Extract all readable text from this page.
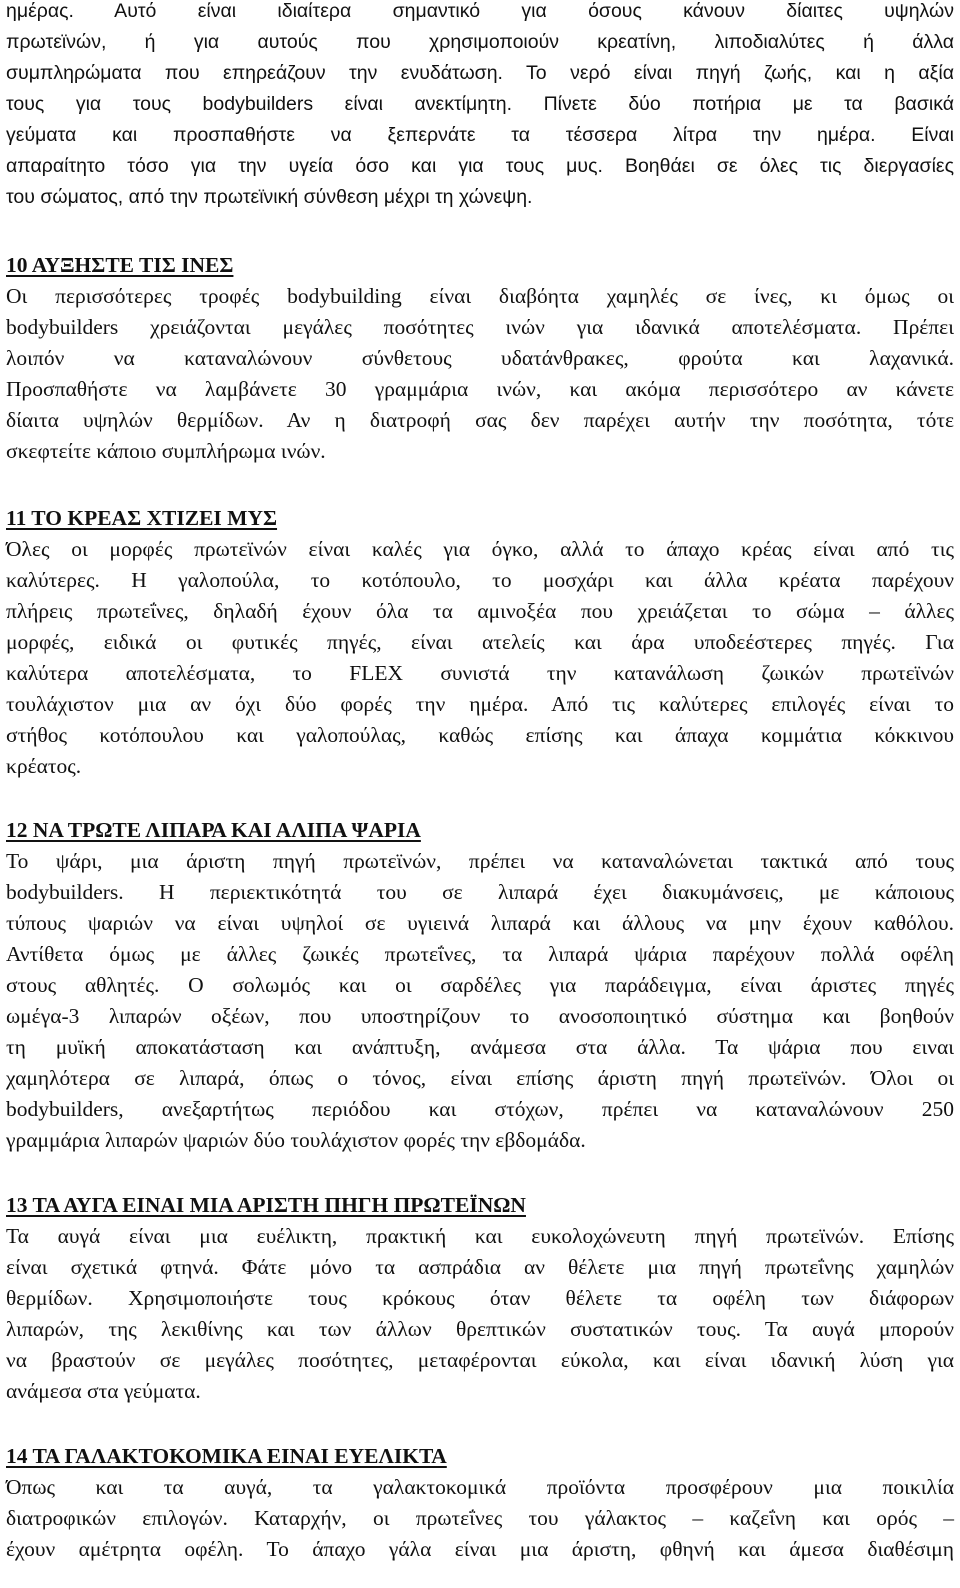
ημέρας. Αυτό είναι ιδιαίτερα σημαντικό για όσους κάνουν δίαιτες υψηλών
πρωτεϊνών, ή για αυτούς που χρησιμοποιούν κρεατίνη, λιποδιαλύτες ή άλλα
συμπληρώματα που επηρεάζουν την ενυδάτωση. Το νερό είναι πηγή ζωής, και η αξία
τους για τους bodybuilders είναι ανεκτίμητη. Πίνετε δύο ποτήρια με τα βασικά
γεύματα και προσπαθήστε να ξεπερνάτε τα τέσσερα λίτρα την ημέρα. Είναι
απαραίτητο τόσο για την υγεία όσο και για τους μυς. Βοηθάει σε όλες τις διεργασίες
του σώματος, από την πρωτεϊνική σύνθεση μέχρι τη χώνεψη.
10 ΑΥΞΗΣΤΕ ΤΙΣ ΙΝΕΣ
Οι περισσότερες τροφές bodybuilding είναι διαβόητα χαμηλές σε ίνες, κι όμως οι
bodybuilders χρειάζονται μεγάλες ποσότητες ινών για ιδανικά αποτελέσματα. Πρέπει
λοιπόν να καταναλώνουν σύνθετους υδατάνθρακες, φρούτα και λαχανικά.
Προσπαθήστε να λαμβάνετε 30 γραμμάρια ινών, και ακόμα περισσότερο αν κάνετε
δίαιτα υψηλών θερμίδων. Αν η διατροφή σας δεν παρέχει αυτήν την ποσότητα, τότε
σκεφτείτε κάποιο συμπλήρωμα ινών.
11 ΤΟ ΚΡΕΑΣ ΧΤΙΖΕΙ ΜΥΣ
Όλες οι μορφές πρωτεϊνών είναι καλές για όγκο, αλλά το άπαχο κρέας είναι από τις
καλύτερες. Η γαλοπούλα, το κοτόπουλο, το μοσχάρι και άλλα κρέατα παρέχουν
πλήρεις πρωτεΐνες, δηλαδή έχουν όλα τα αμινοξέα που χρειάζεται το σώμα – άλλες
μορφές, ειδικά οι φυτικές πηγές, είναι ατελείς και άρα υποδεέστερες πηγές. Για
καλύτερα αποτελέσματα, το FLEX συνιστά την κατανάλωση ζωικών πρωτεϊνών
τουλάχιστον μια αν όχι δύο φορές την ημέρα. Από τις καλύτερες επιλογές είναι το
στήθος κοτόπουλου και γαλοπούλας, καθώς επίσης και άπαχα κομμάτια κόκκινου
κρέατος.
12 ΝΑ ΤΡΩΤΕ ΛΙΠΑΡΑ ΚΑΙ ΑΛΙΠΑ ΨΑΡΙΑ
Το ψάρι, μια άριστη πηγή πρωτεϊνών, πρέπει να καταναλώνεται τακτικά από τους
bodybuilders. Η περιεκτικότητά του σε λιπαρά έχει διακυμάνσεις, με κάποιους
τύπους ψαριών να είναι υψηλοί σε υγιεινά λιπαρά και άλλους να μην έχουν καθόλου.
Αντίθετα όμως με άλλες ζωικές πρωτεΐνες, τα λιπαρά ψάρια παρέχουν πολλά οφέλη
στους αθλητές. Ο σολωμός και οι σαρδέλες για παράδειγμα, είναι άριστες πηγές
ωμέγα-3 λιπαρών οξέων, που υποστηρίζουν το ανοσοποιητικό σύστημα και βοηθούν
τη μυϊκή αποκατάσταση και ανάπτυξη, ανάμεσα στα άλλα. Τα ψάρια που ειναι
χαμηλότερα σε λιπαρά, όπως ο τόνος, είναι επίσης άριστη πηγή πρωτεϊνών. Όλοι οι
bodybuilders, ανεξαρτήτως περιόδου και στόχων, πρέπει να καταναλώνουν 250
γραμμάρια λιπαρών ψαριών δύο τουλάχιστον φορές την εβδομάδα.
13 ΤΑ ΑΥΓΑ ΕΙΝΑΙ ΜΙΑ ΑΡΙΣΤΗ ΠΗΓΗ ΠΡΩΤΕΪΝΩΝ
Τα αυγά είναι μια ευέλικτη, πρακτική και ευκολοχώνευτη πηγή πρωτεϊνών. Επίσης
είναι σχετικά φτηνά. Φάτε μόνο τα ασπράδια αν θέλετε μια πηγή πρωτεΐνης χαμηλών
θερμίδων. Χρησιμοποιήστε τους κρόκους όταν θέλετε τα οφέλη των διάφορων
λιπαρών, της λεκιθίνης και των άλλων θρεπτικών συστατικών τους. Τα αυγά μπορούν
να βραστούν σε μεγάλες ποσότητες, μεταφέρονται εύκολα, και είναι ιδανική λύση για
ανάμεσα στα γεύματα.
14 ΤΑ ΓΑΛΑΚΤΟΚΟΜΙΚΑ ΕΙΝΑΙ ΕΥΕΛΙΚΤΑ
Όπως και τα αυγά, τα γαλακτοκομικά προϊόντα προσφέρουν μια ποικιλία
διατροφικών επιλογών. Καταρχήν, οι πρωτεΐνες του γάλακτος – καζεΐνη και ορός –
έχουν αμέτρητα οφέλη. Το άπαχο γάλα είναι μια άριστη, φθηνή και άμεσα διαθέσιμη
